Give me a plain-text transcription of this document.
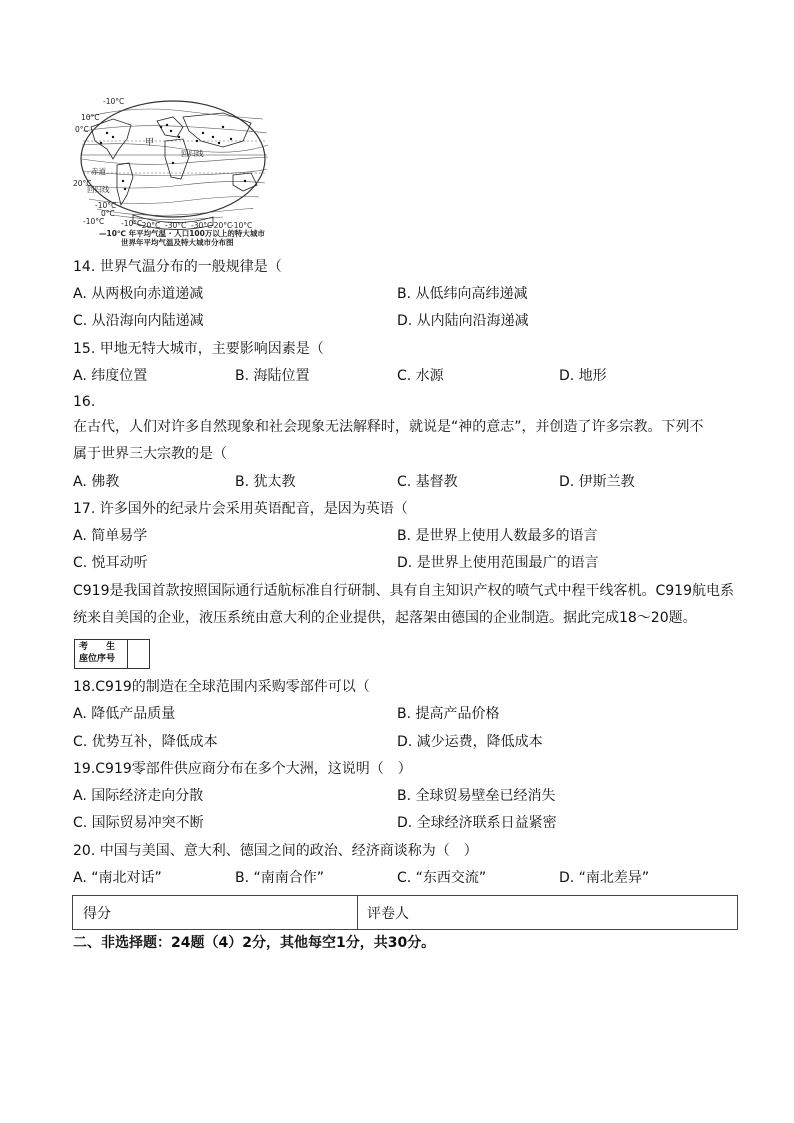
-10°C
10°C
0°C
20°C
0°C
-10°C
甲
回归线
赤道
回归线
-10°C
-10°C
-20°C -30°C -30°C
-20°C
-10°C
—10℃ 年平均气温 · 人口100万以上的特大城市
世界年平均气温及特大城市分布图
14. 世界气温分布的一般规律是（
A. 从两极向赤道递减	B. 从低纬向高纬递减
C. 从沿海向内陆递减	D. 从内陆向沿海递减
15. 甲地无特大城市，主要影响因素是（
A. 纬度位置	B. 海陆位置	C. 水源	D. 地形
16.
在古代，人们对许多自然现象和社会现象无法解释时，就说是“神的意志”，并创造了许多宗教。下列不
属于世界三大宗教的是（
A. 佛教	B. 犹太教	C. 基督教	D. 伊斯兰教
17. 许多国外的纪录片会采用英语配音，是因为英语（
A. 简单易学	B. 是世界上使用人数最多的语言
C. 悦耳动听	D. 是世界上使用范围最广的语言
C919是我国首款按照国际通行适航标准自行研制、具有自主知识产权的喷气式中程干线客机。C919航电系
统来自美国的企业，液压系统由意大利的企业提供，起落架由德国的企业制造。据此完成18～20题。
考　　生
座位序号
18.C919的制造在全球范围内采购零部件可以（
A. 降低产品质量	B. 提高产品价格
C. 优势互补，降低成本	D. 减少运费，降低成本
19.C919零部件供应商分布在多个大洲，这说明（　）
A. 国际经济走向分散	B. 全球贸易壁垒已经消失
C. 国际贸易冲突不断	D. 全球经济联系日益紧密
20. 中国与美国、意大利、德国之间的政治、经济商谈称为（　）
A. “南北对话”	B. “南南合作”	C. “东西交流”	D. “南北差异”
得分	评卷人
二、非选择题：24题（4）2分，其他每空1分，共30分。
